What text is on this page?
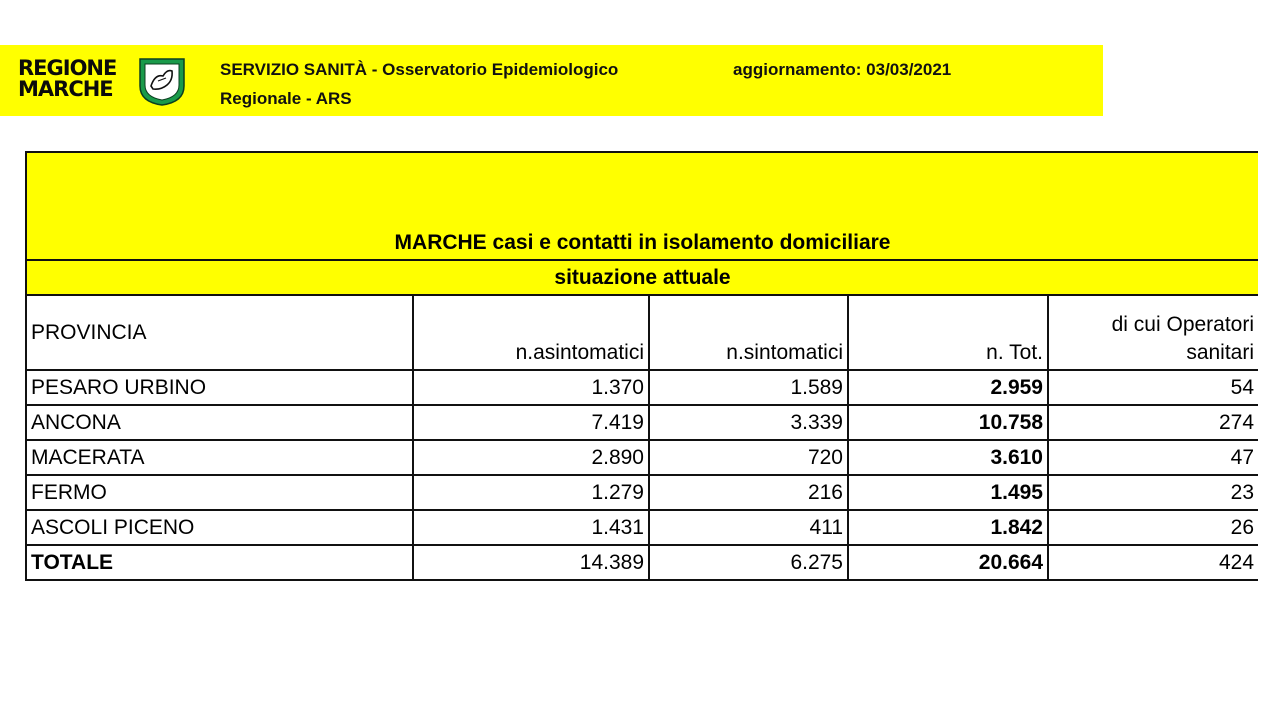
REGIONE
MARCHE
SERVIZIO SANITÀ - Osservatorio Epidemiologico
Regionale - ARS
aggiornamento: 03/03/2021
MARCHE casi e contatti in isolamento domiciliare				
situazione attuale				
PROVINCIA	n.asintomatici	n.sintomatici	n. Tot.	di cui Operatori
sanitari

PESARO URBINO	1.370	1.589	2.959	54
ANCONA	7.419	3.339	10.758	274
MACERATA	2.890	720	3.610	47
FERMO	1.279	216	1.495	23
ASCOLI PICENO	1.431	411	1.842	26
TOTALE	14.389	6.275	20.664	424
